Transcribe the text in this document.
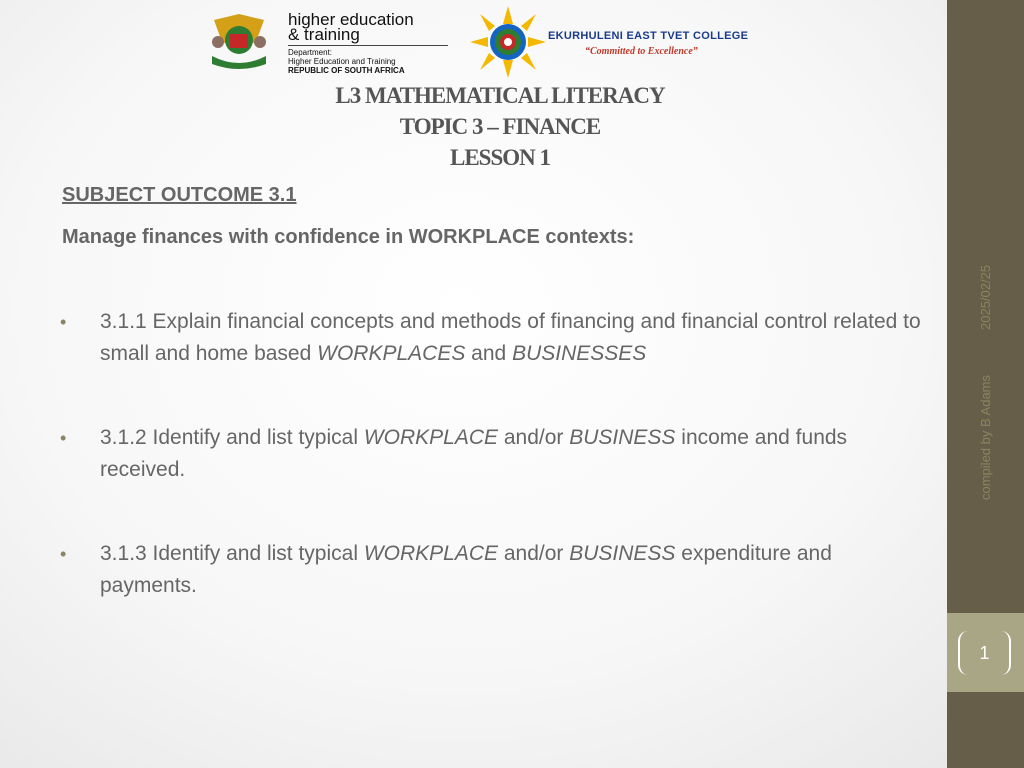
higher education
& training
Department:
Higher Education and Training
REPUBLIC OF SOUTH AFRICA
EKURHULENI EAST TVET COLLEGE
“Committed to Excellence”
L3 MATHEMATICAL LITERACY
TOPIC 3 – FINANCE
LESSON 1
SUBJECT OUTCOME 3.1
Manage finances with confidence in WORKPLACE contexts:
• 3.1.1 Explain financial concepts and methods of financing and financial control related to small and home based WORKPLACES and BUSINESSES
• 3.1.2 Identify and list typical WORKPLACE and/or BUSINESS income and funds received.
• 3.1.3 Identify and list typical WORKPLACE and/or BUSINESS expenditure and payments.
1
2025/02/25
compiled by B Adams
